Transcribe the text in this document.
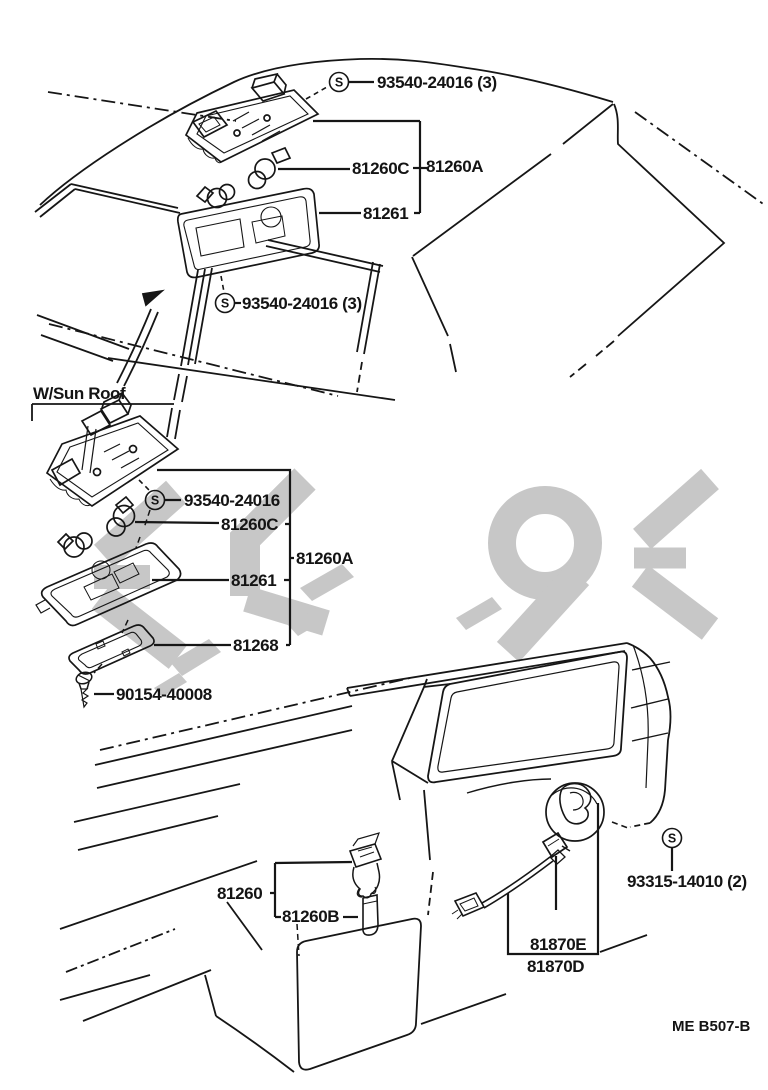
S
S
S
S
93540-24016 (3)
81260C 81260A
81261
93540-24016 (3)
W/Sun Roof
93540-24016
81260C
81260A
81261
81268
90154-40008
81260
81260B
81870E
81870D
93315-14010 (2)
ME B507-B
